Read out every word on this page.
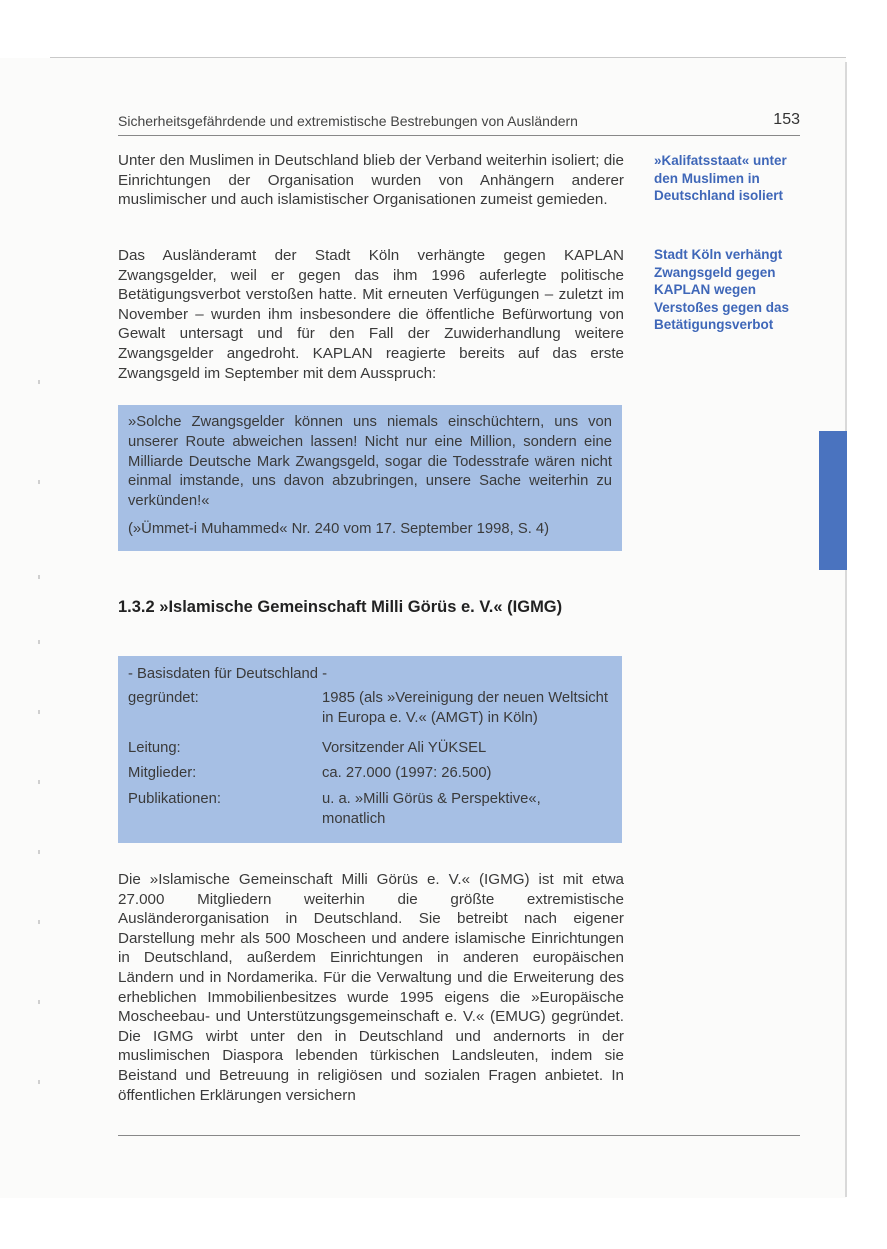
Sicherheitsgefährdende und extremistische Bestrebungen von Ausländern	153

Unter den Muslimen in Deutschland blieb der Verband weiterhin isoliert; die Einrichtungen der Organisation wurden von Anhängern anderer muslimischer und auch islamistischer Organisationen zumeist gemieden.

Das Ausländeramt der Stadt Köln verhängte gegen KAPLAN Zwangsgelder, weil er gegen das ihm 1996 auferlegte politische Betätigungsverbot verstoßen hatte. Mit erneuten Verfügungen – zuletzt im November – wurden ihm insbesondere die öffentliche Befürwortung von Gewalt untersagt und für den Fall der Zuwiderhandlung weitere Zwangsgelder angedroht. KAPLAN reagierte bereits auf das erste Zwangsgeld im September mit dem Ausspruch:

»Kalifatsstaat« unter den Muslimen in Deutschland isoliert
Stadt Köln verhängt Zwangsgeld gegen KAPLAN wegen Verstoßes gegen das Betätigungsverbot
»Solche Zwangsgelder können uns niemals einschüchtern, uns von unserer Route abweichen lassen! Nicht nur eine Million, sondern eine Milliarde Deutsche Mark Zwangsgeld, sogar die Todesstrafe wären nicht einmal imstande, uns davon abzubringen, unsere Sache weiterhin zu verkünden!«
(»Ümmet-i Muhammed« Nr. 240 vom 17. September 1998, S. 4)
1.3.2 »Islamische Gemeinschaft Milli Görüs e. V.« (IGMG)
- Basisdaten für Deutschland -
gegründet:	1985 (als »Vereinigung der neuen Weltsicht in Europa e. V.« (AMGT) in Köln)
Leitung:	Vorsitzender Ali YÜKSEL
Mitglieder:	ca. 27.000 (1997: 26.500)
Publikationen:	u. a. »Milli Görüs & Perspektive«, monatlich

Die »Islamische Gemeinschaft Milli Görüs e. V.« (IGMG) ist mit etwa 27.000 Mitgliedern weiterhin die größte extremistische Ausländerorganisation in Deutschland. Sie betreibt nach eigener Darstellung mehr als 500 Moscheen und andere islamische Einrichtungen in Deutschland, außerdem Einrichtungen in anderen europäischen Ländern und in Nordamerika. Für die Verwaltung und die Erweiterung des erheblichen Immobilienbesitzes wurde 1995 eigens die »Europäische Moscheebau- und Unterstützungsgemeinschaft e. V.« (EMUG) gegründet. Die IGMG wirbt unter den in Deutschland und andernorts in der muslimischen Diaspora lebenden türkischen Landsleuten, indem sie Beistand und Betreuung in religiösen und sozialen Fragen anbietet. In öffentlichen Erklärungen versichern
